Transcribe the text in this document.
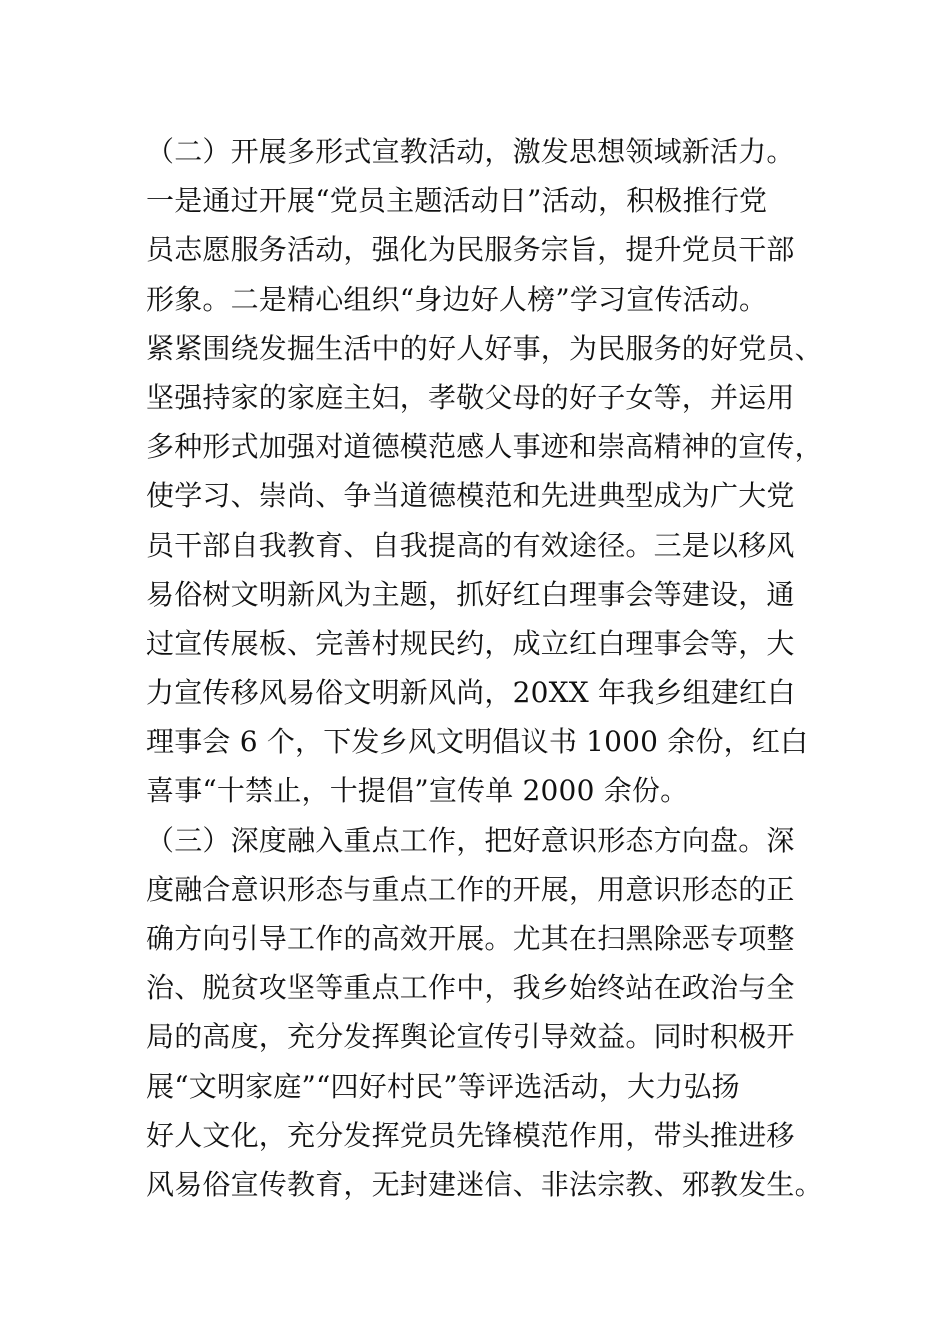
（二）开展多形式宣教活动，激发思想领域新活力。
一是通过开展“党员主题活动日”活动，积极推行党
员志愿服务活动，强化为民服务宗旨，提升党员干部
形象。二是精心组织“身边好人榜”学习宣传活动。
紧紧围绕发掘生活中的好人好事，为民服务的好党员、
坚强持家的家庭主妇，孝敬父母的好子女等，并运用
多种形式加强对道德模范感人事迹和崇高精神的宣传，
使学习、崇尚、争当道德模范和先进典型成为广大党
员干部自我教育、自我提高的有效途径。三是以移风
易俗树文明新风为主题，抓好红白理事会等建设，通
过宣传展板、完善村规民约，成立红白理事会等，大
力宣传移风易俗文明新风尚，20XX 年我乡组建红白
理事会 6 个，下发乡风文明倡议书 1000 余份，红白
喜事“十禁止，十提倡”宣传单 2000 余份。
（三）深度融入重点工作，把好意识形态方向盘。深
度融合意识形态与重点工作的开展，用意识形态的正
确方向引导工作的高效开展。尤其在扫黑除恶专项整
治、脱贫攻坚等重点工作中，我乡始终站在政治与全
局的高度，充分发挥舆论宣传引导效益。同时积极开
展“文明家庭”“四好村民”等评选活动，大力弘扬
好人文化，充分发挥党员先锋模范作用，带头推进移
风易俗宣传教育，无封建迷信、非法宗教、邪教发生。
